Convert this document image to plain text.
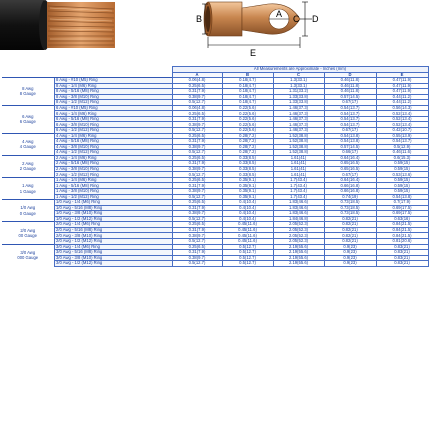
B	A C D
E
		All Measurements are Approximate - Inches (mm)				
		A	B	C	D	E

8 Awg
8 Gauge	8 Awg - #10 (M5) Ring	0.06(4.8)	0.18(4.7)	1.3(33.1)	0.46(11.8)	0.47(11.9)
	8 Awg - 1/4 (M6) Ring	0.25(6.5)	0.18(4.7)	1.3(33.1)	0.46(11.8)	0.47(11.9)
	8 Awg - 5/16 (M8) Ring	0.31(7.9)	0.18(4.7)	1.31(33.2)	0.46(11.8)	0.47(11.9)
	8 Awg - 3/8 (M10) Ring	0.38(9.7)	0.18(4.7)	1.33(33.8)	0.57(14.5)	0.44(11.2)
	8 Awg - 1/2 (M12) Ring	0.5(12.7)	0.18(4.7)	1.33(33.8)	0.67(17)	0.44(11.2)

6 Awg
6 Gauge	6 Awg - #10 (M5) Ring	0.06(4.8)	0.22(5.6)	1.46(37.3)	0.54(13.7)	0.56(14.3)
	6 Awg - 1/4 (M6) Ring	0.25(6.5)	0.22(5.6)	1.46(37.3)	0.54(13.7)	0.52(13.4)
	6 Awg - 5/16 (M8) Ring	0.31(7.9)	0.22(5.6)	1.46(37.3)	0.54(13.7)	0.52(13.4)
	6 Awg - 3/8 (M10) Ring	0.38(9.7)	0.22(5.6)	1.46(37.3)	0.54(13.7)	0.52(13.4)
	6 Awg - 1/2 (M12) Ring	0.5(12.7)	0.22(5.6)	1.46(37.3)	0.67(17)	0.42(10.7)

4 Awg
4 Gauge	4 Awg - 1/4 (M6) Ring	0.25(6.5)	0.28(7.2)	1.52(38.8)	0.54(13.8)	0.55(13.9)
	4 Awg - 5/16 (M8) Ring	0.31(7.9)	0.28(7.2)	1.52(38.8)	0.54(13.8)	0.54(13.7)
	4 Awg - 3/8 (M10) Ring	0.38(9.7)	0.28(7.2)	1.52(38.8)	0.57(14.5)	0.5(12.9)
	4 Awg - 1/2 (M12) Ring	0.5(12.7)	0.28(7.2)	1.52(38.8)	0.66(17)	0.46(11.6)

2 Awg
2 Gauge	2 Awg - 1/4 (M6) Ring	0.25(6.5)	0.33(8.5)	1.61(41)	0.64(16.4)	0.6(15.3)
	2 Awg - 5/16 (M8) Ring	0.31(7.9)	0.33(8.5)	1.61(41)	0.65(16.5)	0.59(15)
	2 Awg - 3/8 (M10) Ring	0.38(9.7)	0.33(8.5)	1.61(41)	0.65(16.5)	0.59(15)
	2 Awg - 1/2 (M12) Ring	0.5(12.7)	0.33(8.5)	1.61(41)	0.67(17)	0.53(13.6)

1 Awg
1 Gauge	1 Awg - 1/4 (M6) Ring	0.25(6.5)	0.35(9.1)	1.7(43.4)	0.64(16.4)	0.59(15)
	1 Awg - 5/16 (M8) Ring	0.31(7.9)	0.35(9.1)	1.7(43.4)	0.66(16.8)	0.59(15)
	1 Awg - 3/8 (M10) Ring	0.38(9.7)	0.35(9.1)	1.7(43.4)	0.66(16.8)	0.59(15)
	1 Awg - 1/2 (M12) Ring	0.5(12.7)	0.35(9.1)	1.7(43.4)	0.74(19)	0.54(13.8)

1/0 Awg
0 Gauge	1/0 Awg - 1/4 (M6) Ring	0.25(6.5)	0.4(10.4)	1.83(46.6)	0.73(18.5)	0.7(17.9)
	1/0 Awg - 5/16 (M8) Ring	0.31(7.9)	0.4(10.4)	1.83(46.6)	0.73(18.5)	0.69(17.5)
	1/0 Awg - 3/8 (M10) Ring	0.38(9.7)	0.4(10.4)	1.83(46.6)	0.73(18.5)	0.69(17.5)
	1/0 Awg - 1/2 (M12) Ring	0.5(12.7)	0.4(10.4)	1.84(46.8)	0.82(21)	0.63(16)

2/0 Awg
00 Gauge	2/0 Awg - 1/4 (M6) Ring	0.25(6.5)	0.45(11.6)	2.05(52.3)	0.82(21)	0.84(21.5)
	2/0 Awg - 5/16 (M8) Ring	0.31(7.9)	0.45(11.6)	2.05(52.3)	0.82(21)	0.84(21.5)
	2/0 Awg - 3/8 (M10) Ring	0.38(9.7)	0.45(11.6)	2.05(52.3)	0.82(21)	0.84(21.5)
	2/0 Awg - 1/2 (M12) Ring	0.5(12.7)	0.45(11.6)	2.05(52.3)	0.82(21)	0.81(20.6)

3/0 Awg
000 Gauge	3/0 Awg - 1/4 (M6) Ring	0.25(6.5)	0.5(12.7)	2.19(55.6)	0.9(23)	0.83(21)
	3/0 Awg - 5/16 (M8) Ring	0.31(7.9)	0.5(12.7)	2.19(55.6)	0.9(23)	0.83(21)
	3/0 Awg - 3/8 (M10) Ring	0.38(9.7)	0.5(12.7)	2.19(55.6)	0.9(23)	0.83(21)
	3/0 Awg - 1/2 (M12) Ring	0.5(12.7)	0.5(12.7)	2.19(55.6)	0.9(23)	0.83(21)
